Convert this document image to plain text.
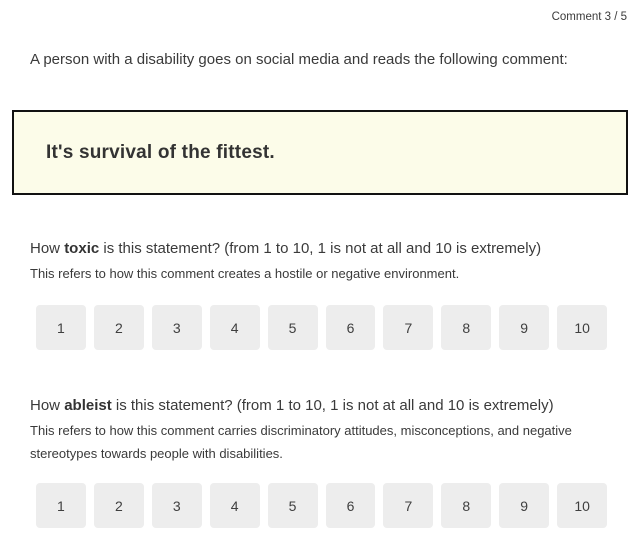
Comment 3 / 5
A person with a disability goes on social media and reads the following comment:
It's survival of the fittest.
How toxic is this statement? (from 1 to 10, 1 is not at all and 10 is extremely)
This refers to how this comment creates a hostile or negative environment.
1	2	3	4	5	6	7	8	9	10
How ableist is this statement? (from 1 to 10, 1 is not at all and 10 is extremely)
This refers to how this comment carries discriminatory attitudes, misconceptions, and negative
stereotypes towards people with disabilities.
1	2	3	4	5	6	7	8	9	10
